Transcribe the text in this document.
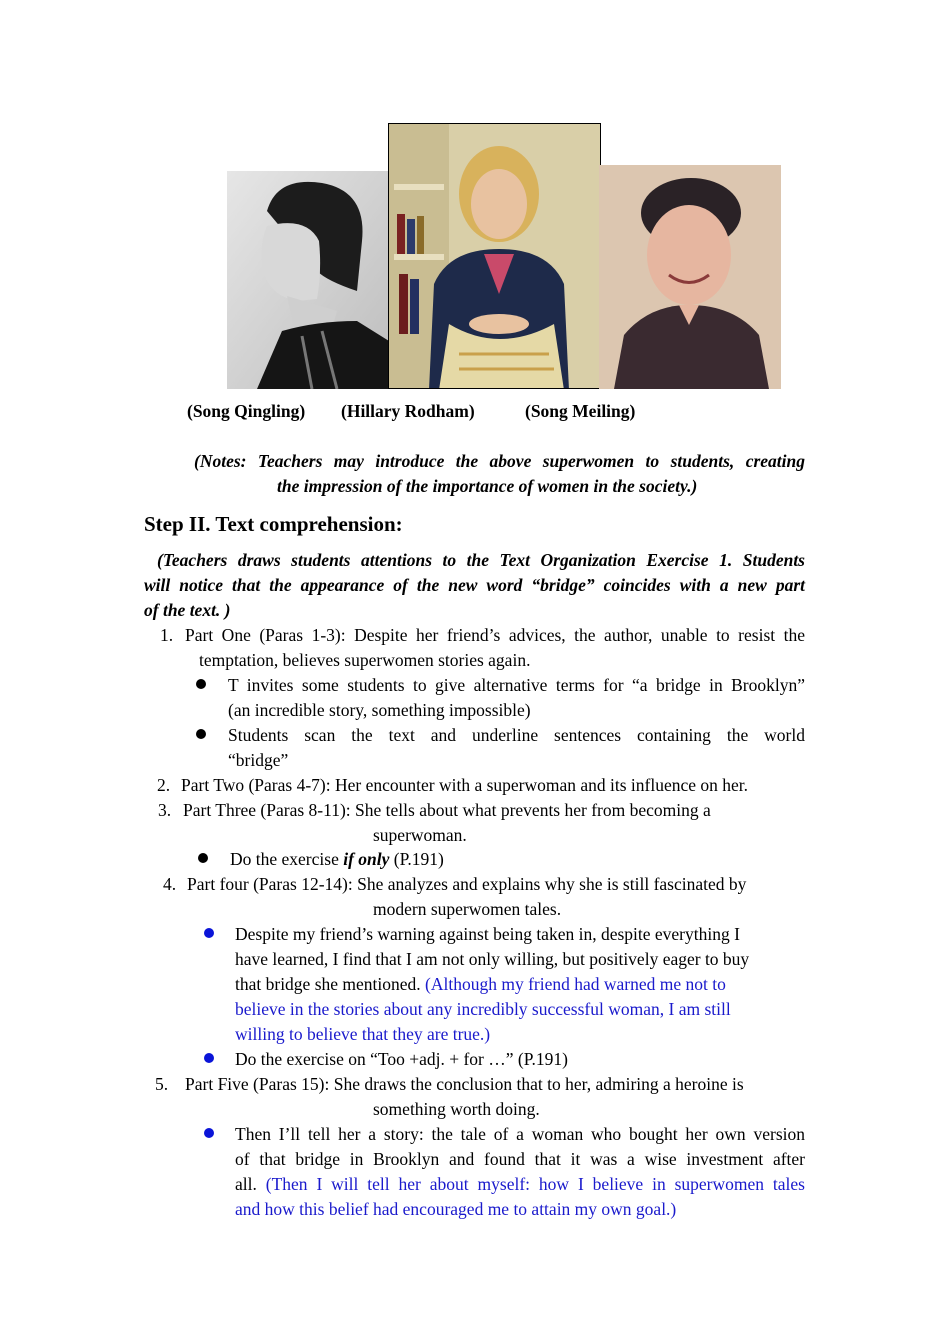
(Song Qingling) (Hillary Rodham)	(Song Meiling)
(Notes: Teachers may introduce the above superwomen to students, creating
the impression of the importance of women in the society.)
Step II. Text comprehension:
(Teachers draws students attentions to the Text Organization Exercise 1. Students
will notice that the appearance of the new word “bridge” coincides with a new part
of the text. )
1. Part One (Paras 1-3): Despite her friend’s advices, the author, unable to resist the
temptation, believes superwomen stories again.
T invites some students to give alternative terms for “a bridge in Brooklyn”
(an incredible story, something impossible)
Students scan the text and underline sentences containing the world
“bridge”
2. Part Two (Paras 4-7): Her encounter with a superwoman and its influence on her.
3. Part Three (Paras 8-11): She tells about what prevents her from becoming a
superwoman.
Do the exercise if only (P.191)
4. Part four (Paras 12-14): She analyzes and explains why she is still fascinated by
modern superwomen tales.
Despite my friend’s warning against being taken in, despite everything I
have learned, I find that I am not only willing, but positively eager to buy
that bridge she mentioned. (Although my friend had warned me not to
believe in the stories about any incredibly successful woman, I am still
willing to believe that they are true.)
Do the exercise on “Too +adj. + for …” (P.191)
5. Part Five (Paras 15): She draws the conclusion that to her, admiring a heroine is
something worth doing.
Then I’ll tell her a story: the tale of a woman who bought her own version
of that bridge in Brooklyn and found that it was a wise investment after
all. (Then I will tell her about myself: how I believe in superwomen tales
and how this belief had encouraged me to attain my own goal.)
